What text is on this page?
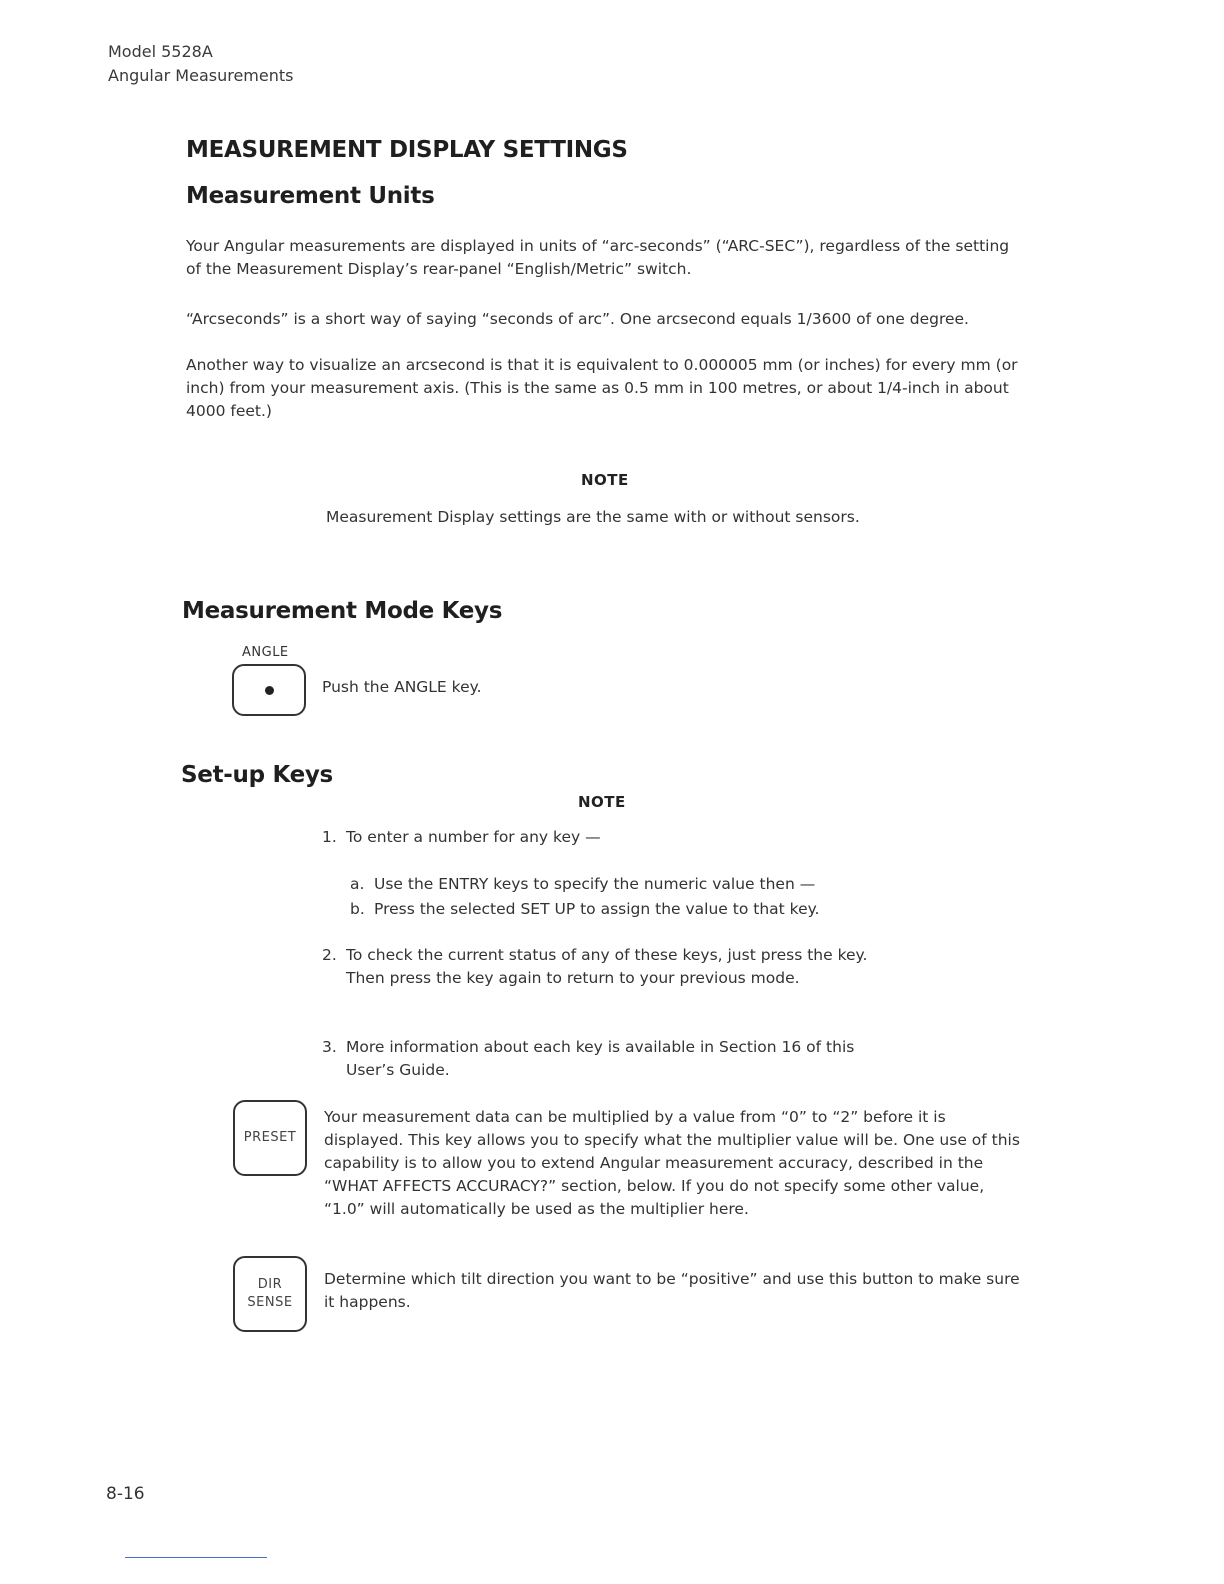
Model 5528A
Angular Measurements
MEASUREMENT DISPLAY SETTINGS
Measurement Units
Your Angular measurements are displayed in units of “arc-seconds” (“ARC-SEC”), regardless of the setting of the Measurement Display’s rear-panel “English/Metric” switch.
“Arcseconds” is a short way of saying “seconds of arc”. One arcsecond equals 1/3600 of one degree.
Another way to visualize an arcsecond is that it is equivalent to 0.000005 mm (or inches) for every mm (or inch) from your measurement axis. (This is the same as 0.5 mm in 100 metres, or about 1/4-inch in about 4000 feet.)
NOTE
Measurement Display settings are the same with or without sensors.
Measurement Mode Keys
ANGLE
Push the ANGLE key.
Set-up Keys
NOTE
1. To enter a number for any key —
a. Use the ENTRY keys to specify the numeric value then —
b. Press the selected SET UP to assign the value to that key.
2. To check the current status of any of these keys, just press the key. Then press the key again to return to your previous mode.
3. More information about each key is available in Section 16 of this User’s Guide.
PRESET
Your measurement data can be multiplied by a value from “0” to “2” before it is displayed. This key allows you to specify what the multiplier value will be. One use of this capability is to allow you to extend Angular measurement accuracy, described in the “WHAT AFFECTS ACCURACY?” section, below. If you do not specify some other value, “1.0” will automatically be used as the multiplier here.
DIR
SENSE
Determine which tilt direction you want to be “positive” and use this button to make sure it happens.
8-16
